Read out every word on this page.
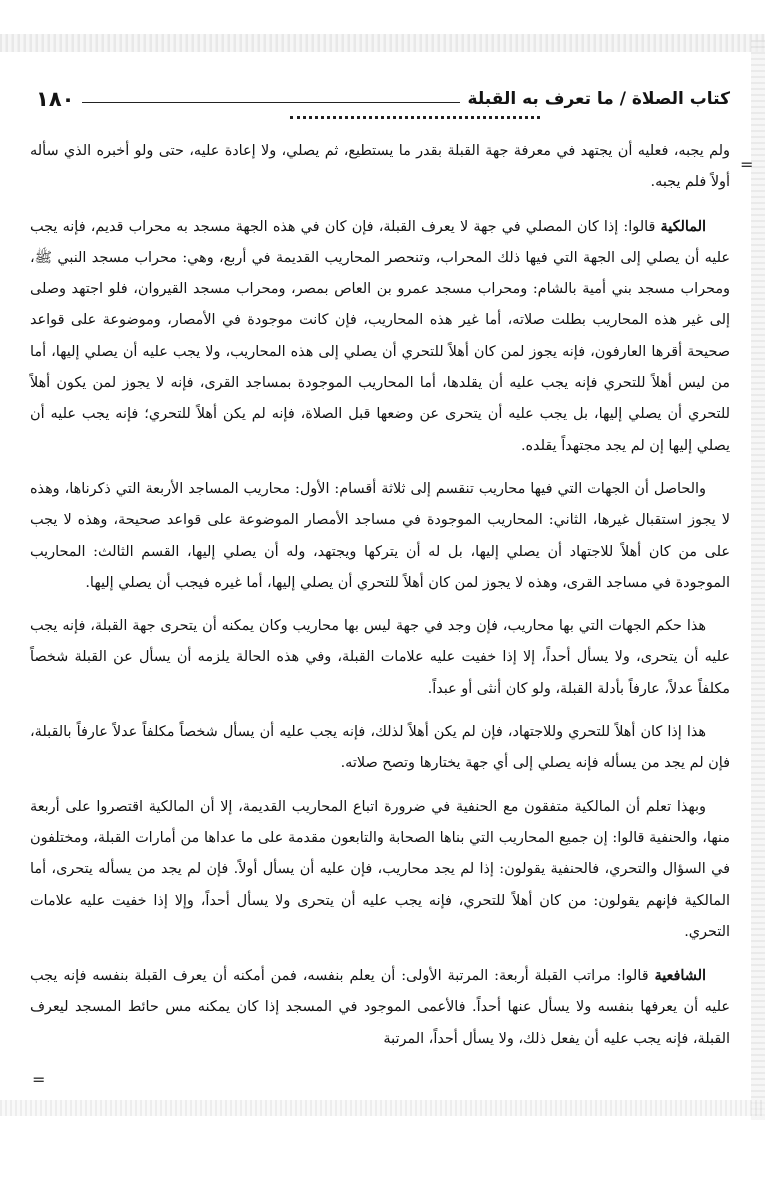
كتاب الصلاة / ما تعرف به القبلة
١٨٠

ولم يجبه، فعليه أن يجتهد في معرفة جهة القبلة بقدر ما يستطيع، ثم يصلي، ولا إعادة عليه، حتى ولو أخبره الذي سأله أولاً فلم يجبه.

المالكية قالوا: إذا كان المصلي في جهة لا يعرف القبلة، فإن كان في هذه الجهة مسجد به محراب قديم، فإنه يجب عليه أن يصلي إلى الجهة التي فيها ذلك المحراب، وتنحصر المحاريب القديمة في أربع، وهي: محراب مسجد النبي ﷺ، ومحراب مسجد بني أمية بالشام: ومحراب مسجد عمرو بن العاص بمصر، ومحراب مسجد القيروان، فلو اجتهد وصلى إلى غير هذه المحاريب بطلت صلاته، أما غير هذه المحاريب، فإن كانت موجودة في الأمصار، وموضوعة على قواعد صحيحة أقرها العارفون، فإنه يجوز لمن كان أهلاً للتحري أن يصلي إلى هذه المحاريب، ولا يجب عليه أن يصلي إليها، أما من ليس أهلاً للتحري فإنه يجب عليه أن يقلدها، أما المحاريب الموجودة بمساجد القرى، فإنه لا يجوز لمن يكون أهلاً للتحري أن يصلي إليها، بل يجب عليه أن يتحرى عن وضعها قبل الصلاة، فإنه لم يكن أهلاً للتحري؛ فإنه يجب عليه أن يصلي إليها إن لم يجد مجتهداً يقلده.

والحاصل أن الجهات التي فيها محاريب تنقسم إلى ثلاثة أقسام: الأول: محاريب المساجد الأربعة التي ذكرناها، وهذه لا يجوز استقبال غيرها، الثاني: المحاريب الموجودة في مساجد الأمصار الموضوعة على قواعد صحيحة، وهذه لا يجب على من كان أهلاً للاجتهاد أن يصلي إليها، بل له أن يتركها ويجتهد، وله أن يصلي إليها، القسم الثالث: المحاريب الموجودة في مساجد القرى، وهذه لا يجوز لمن كان أهلاً للتحري أن يصلي إليها، أما غيره فيجب أن يصلي إليها.

هذا حكم الجهات التي بها محاريب، فإن وجد في جهة ليس بها محاريب وكان يمكنه أن يتحرى جهة القبلة، فإنه يجب عليه أن يتحرى، ولا يسأل أحداً، إلا إذا خفيت عليه علامات القبلة، وفي هذه الحالة يلزمه أن يسأل عن القبلة شخصاً مكلفاً عدلاً، عارفاً بأدلة القبلة، ولو كان أنثى أو عبداً.

هذا إذا كان أهلاً للتحري وللاجتهاد، فإن لم يكن أهلاً لذلك، فإنه يجب عليه أن يسأل شخصاً مكلفاً عدلاً عارفاً بالقبلة، فإن لم يجد من يسأله فإنه يصلي إلى أي جهة يختارها وتصح صلاته.

وبهذا تعلم أن المالكية متفقون مع الحنفية في ضرورة اتباع المحاريب القديمة، إلا أن المالكية اقتصروا على أربعة منها، والحنفية قالوا: إن جميع المحاريب التي بناها الصحابة والتابعون مقدمة على ما عداها من أمارات القبلة، ومختلفون في السؤال والتحري، فالحنفية يقولون: إذا لم يجد محاريب، فإن عليه أن يسأل أولاً. فإن لم يجد من يسأله يتحرى، أما المالكية فإنهم يقولون: من كان أهلاً للتحري، فإنه يجب عليه أن يتحرى ولا يسأل أحداً، وإلا إذا خفيت عليه علامات التحري.

الشافعية قالوا: مراتب القبلة أربعة: المرتبة الأولى: أن يعلم بنفسه، فمن أمكنه أن يعرف القبلة بنفسه فإنه يجب عليه أن يعرفها بنفسه ولا يسأل عنها أحداً. فالأعمى الموجود في المسجد إذا كان يمكنه مس حائط المسجد ليعرف القبلة، فإنه يجب عليه أن يفعل ذلك، ولا يسأل أحداً، المرتبة

=
=
